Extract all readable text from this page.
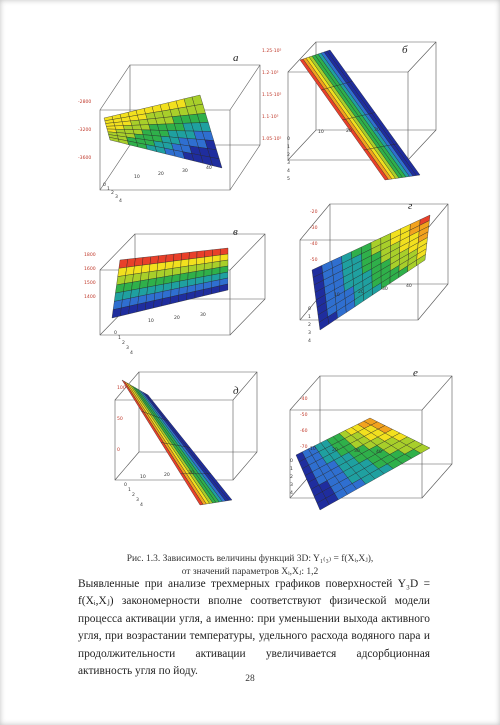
-2800
-3200
-3600
10
20
30
40
0
1
2
3
4
1.25·10⁵
1.2·10⁵
1.15·10⁵
1.1·10⁵
1.05·10⁵
10	20	30
0
1
2
3
4
5
1800
1600
1500
1400
10
20
30
0
1
2
3
4
-20
-30
-40
-50
10
20
30
40
0
1
2
3
4
100
50
0
10	20	30
0
1
2
3
4
-40
-50
-60
-70 10	20	30	40
0
1
2
3
4
а
б
в
г
д
е
Рис. 1.3. Зависимость величины функций 3D: Y₁₍₃₎ = f(Xᵢ,Xⱼ),
от значений параметров Xᵢ,Xⱼ: 1,2
Выявленные при анализе трехмерных графиков поверхностей Y₃D = f(Xᵢ,Xⱼ) закономерности вполне соответствуют физической модели процесса активации угля, а именно: при уменьшении выхода активного угля, при возрастании температуры, удельного расхода водяного пара и продолжительности активации увеличивается адсорбционная активность угля по йоду.
28
